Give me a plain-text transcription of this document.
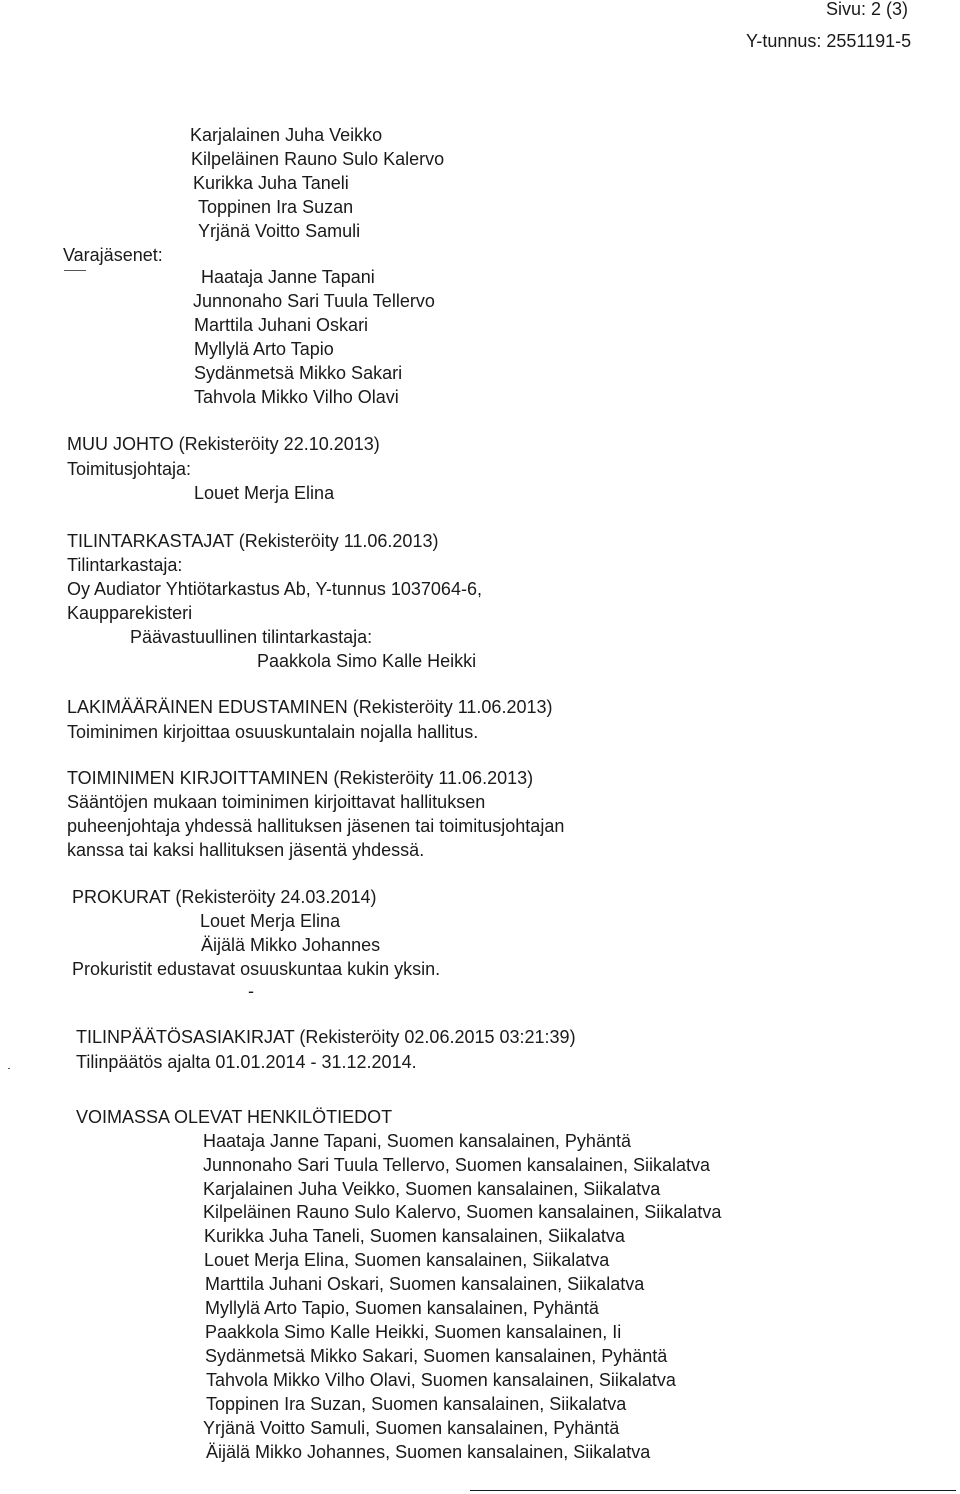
Sivu: 2 (3)
Y-tunnus: 2551191-5
Karjalainen Juha Veikko
Kilpeläinen Rauno Sulo Kalervo
Kurikka Juha Taneli
Toppinen Ira Suzan
Yrjänä Voitto Samuli
Varajäsenet:
Haataja Janne Tapani
Junnonaho Sari Tuula Tellervo
Marttila Juhani Oskari
Myllylä Arto Tapio
Sydänmetsä Mikko Sakari
Tahvola Mikko Vilho Olavi
MUU JOHTO (Rekisteröity 22.10.2013)
Toimitusjohtaja:
Louet Merja Elina
TILINTARKASTAJAT (Rekisteröity 11.06.2013)
Tilintarkastaja:
Oy Audiator Yhtiötarkastus Ab, Y-tunnus 1037064-6,
Kaupparekisteri
Päävastuullinen tilintarkastaja:
Paakkola Simo Kalle Heikki
LAKIMÄÄRÄINEN EDUSTAMINEN (Rekisteröity 11.06.2013)
Toiminimen kirjoittaa osuuskuntalain nojalla hallitus.
TOIMINIMEN KIRJOITTAMINEN (Rekisteröity 11.06.2013)
Sääntöjen mukaan toiminimen kirjoittavat hallituksen
puheenjohtaja yhdessä hallituksen jäsenen tai toimitusjohtajan
kanssa tai kaksi hallituksen jäsentä yhdessä.
PROKURAT (Rekisteröity 24.03.2014)
Louet Merja Elina
Äijälä Mikko Johannes
Prokuristit edustavat osuuskuntaa kukin yksin.
-
TILINPÄÄTÖSASIAKIRJAT (Rekisteröity 02.06.2015 03:21:39)
Tilinpäätös ajalta 01.01.2014 - 31.12.2014.
VOIMASSA OLEVAT HENKILÖTIEDOT
Haataja Janne Tapani, Suomen kansalainen, Pyhäntä
Junnonaho Sari Tuula Tellervo, Suomen kansalainen, Siikalatva
Karjalainen Juha Veikko, Suomen kansalainen, Siikalatva
Kilpeläinen Rauno Sulo Kalervo, Suomen kansalainen, Siikalatva
Kurikka Juha Taneli, Suomen kansalainen, Siikalatva
Louet Merja Elina, Suomen kansalainen, Siikalatva
Marttila Juhani Oskari, Suomen kansalainen, Siikalatva
Myllylä Arto Tapio, Suomen kansalainen, Pyhäntä
Paakkola Simo Kalle Heikki, Suomen kansalainen, Ii
Sydänmetsä Mikko Sakari, Suomen kansalainen, Pyhäntä
Tahvola Mikko Vilho Olavi, Suomen kansalainen, Siikalatva
Toppinen Ira Suzan, Suomen kansalainen, Siikalatva
Yrjänä Voitto Samuli, Suomen kansalainen, Pyhäntä
Äijälä Mikko Johannes, Suomen kansalainen, Siikalatva
